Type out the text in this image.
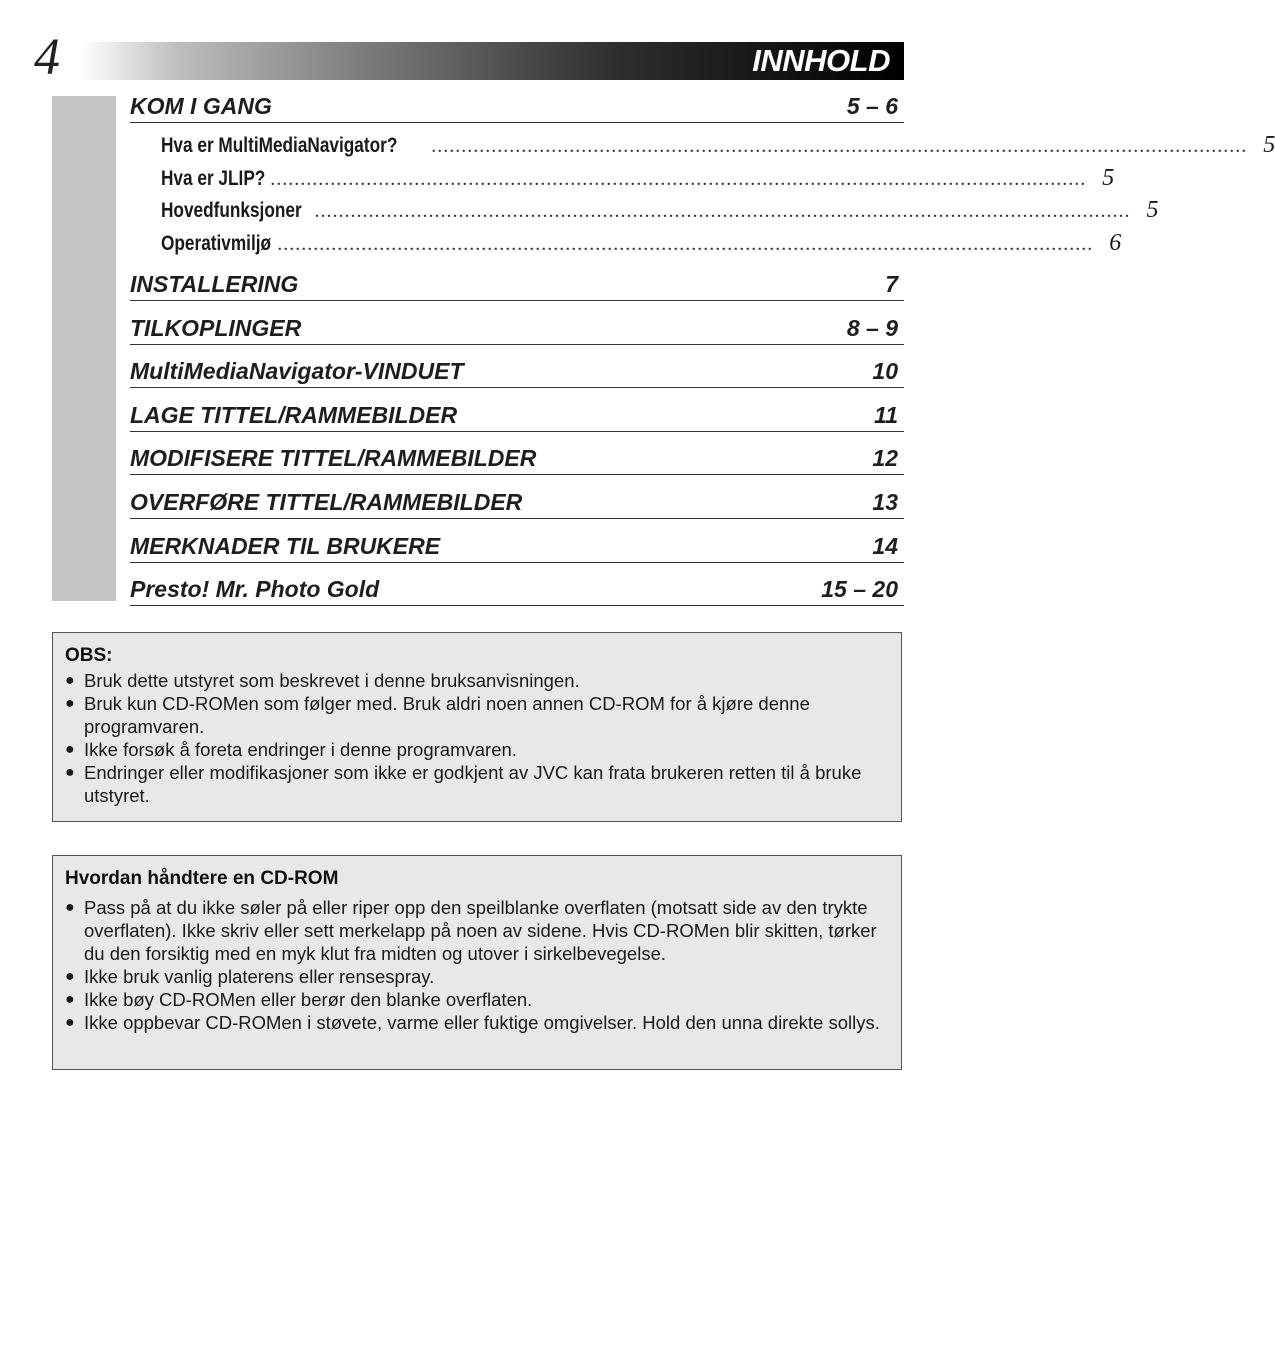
4	INNHOLD
KOM I GANG	5 – 6
Hva er MultiMediaNavigator? ........................................................................................................................................ 5
Hva er JLIP? ........................................................................................................................................ 5
Hovedfunksjoner ........................................................................................................................................ 5
Operativmiljø ........................................................................................................................................ 6
INSTALLERING	7
TILKOPLINGER	8 – 9
MultiMediaNavigator-VINDUET	10
LAGE TITTEL/RAMMEBILDER	11
MODIFISERE TITTEL/RAMMEBILDER	12
OVERFØRE TITTEL/RAMMEBILDER	13
MERKNADER TIL BRUKERE	14
Presto! Mr. Photo Gold	15 – 20
OBS:
● Bruk dette utstyret som beskrevet i denne bruksanvisningen.
● Bruk kun CD-ROMen som følger med. Bruk aldri noen annen CD-ROM for å kjøre denne programvaren.
● Ikke forsøk å foreta endringer i denne programvaren.
● Endringer eller modifikasjoner som ikke er godkjent av JVC kan frata brukeren retten til å bruke utstyret.
Hvordan håndtere en CD-ROM
● Pass på at du ikke søler på eller riper opp den speilblanke overflaten (motsatt side av den trykte overflaten). Ikke skriv eller sett merkelapp på noen av sidene. Hvis CD-ROMen blir skitten, tørker du den forsiktig med en myk klut fra midten og utover i sirkelbevegelse.
● Ikke bruk vanlig platerens eller rensespray.
● Ikke bøy CD-ROMen eller berør den blanke overflaten.
● Ikke oppbevar CD-ROMen i støvete, varme eller fuktige omgivelser. Hold den unna direkte sollys.
